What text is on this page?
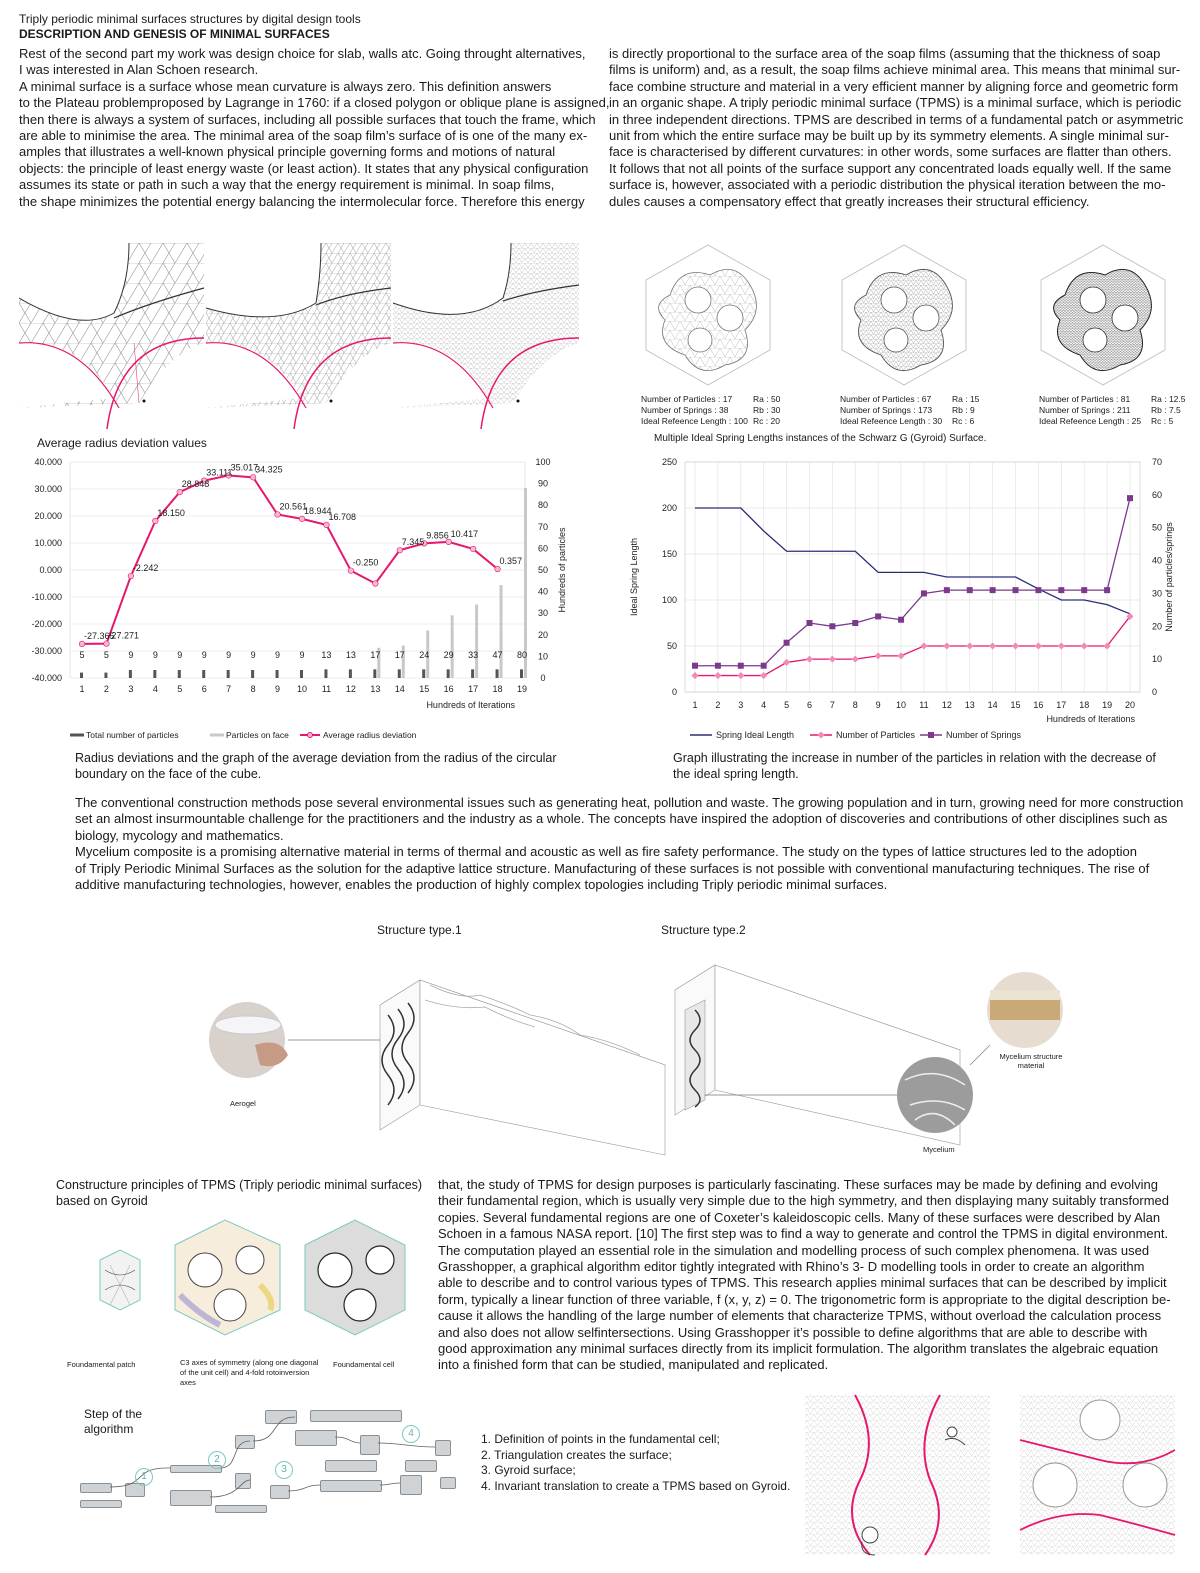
Triply periodic minimal surfaces structures by digital design tools
DESCRIPTION AND GENESIS OF MINIMAL SURFACES
Rest of the second part my work was design choice for slab, walls atc. Going throught alternatives,
I was interested in Alan Schoen research.
A minimal surface is a surface whose mean curvature is always zero. This definition answers
to the Plateau problemproposed by Lagrange in 1760: if a closed polygon or oblique plane is assigned,
then there is always a system of surfaces, including all possible surfaces that touch the frame, which
are able to minimise the area. The minimal area of the soap film’s surface of is one of the many ex-
amples that illustrates a well-known physical principle governing forms and motions of natural
objects: the principle of least energy waste (or least action). It states that any physical configuration
assumes its state or path in such a way that the energy requirement is minimal. In soap films,
the shape minimizes the potential energy balancing the intermolecular force. Therefore this energy
is directly proportional to the surface area of the soap films (assuming that the thickness of soap
films is uniform) and, as a result, the soap films achieve minimal area. This means that minimal sur-
face combine structure and material in a very efficient manner by aligning force and geometric form
in an organic shape. A triply periodic minimal surface (TPMS) is a minimal surface, which is periodic
in three independent directions. TPMS are described in terms of a fundamental patch or asymmetric
unit from which the entire surface may be built up by its symmetry elements. A single minimal sur-
face is characterised by different curvatures: in other words, some surfaces are flatter than others.
It follows that not all points of the surface support any concentrated loads equally well. If the same
surface is, however, associated with a periodic distribution the physical iteration between the mo-
dules causes a compensatory effect that greatly increases their structural efficiency.
Number of Particles : 17
Number of Springs : 38
Ideal Refeence Length : 100
Ra : 50
Rb : 30
Rc : 20
Number of Particles : 67
Number of Springs : 173
Ideal Refeence Length : 30
Ra : 15
Rb : 9
Rc : 6
Number of Particles : 81
Number of Springs : 211
Ideal Refeence Length : 25
Ra : 12.5
Rb : 7.5
Rc : 5
Multiple Ideal Spring Lengths instances of the Schwarz G (Gyroid) Surface.
Average radius deviation values
40.000
30.000
20.000
10.000
0.000
-10.000
-20.000
-30.000
-40.000
100
90
80
70
60
50
40
30
20
10
0
5
1
5
2
9
3
9
4
9
5
9
6
9
7
9
8
9
9
9
10
13
11
13
12
17
13
17
14
24
15
29
16
33
17
47
18
80
19
-27.365
-27.271
-2.242
18.150
28.848
33.111
35.017
34.325
20.561
18.944
16.708
-0.250
7.345
9.856 10.417
0.357
Hundreds of Iterations
Hundreds of particles
Total number of particles	Particles on face	Average radius deviation
1 2 3 4 5 6 7 8 9 10 11 12 13 14 15 16 17 18 19 20
250
200
150
100
50
0
70
60
50
40
30
20
10
0
Hundreds of Iterations
Ideal Spring Length	Number of particles/springs
Spring Ideal Length	Number of Particles	Number of Springs
Radius deviations and the graph of the average deviation from the radius of the circular boundary on the face of the cube.
Graph illustrating the increase in number of the particles in relation with the decrease of the ideal spring length.
The conventional construction methods pose several environmental issues such as generating heat, pollution and waste. The growing population and in turn, growing need for more construction
set an almost insurmountable challenge for the practitioners and the industry as a whole. The concepts have inspired the adoption of discoveries and contributions of other disciplines such as
biology, mycology and mathematics.
Mycelium composite is a promising alternative material in terms of thermal and acoustic as well as fire safety performance. The study on the types of lattice structures led to the adoption
of Triply Periodic Minimal Surfaces as the solution for the adaptive lattice structure. Manufacturing of these surfaces is not possible with conventional manufacturing techniques. The rise of
additive manufacturing technologies, however, enables the production of highly complex topologies including Triply periodic minimal surfaces.
Structure type.1	Structure type.2
Aerogel
Mycelium
Mycelium structure material
Constructure principles of TPMS (Triply periodic minimal surfaces) based on Gyroid
Foundamental patch	C3 axes of symmetry (along one diagonal of the unit cell) and 4-fold rotoinversion axes
Foundamental cell
that, the study of TPMS for design purposes is particularly fascinating. These surfaces may be made by defining and evolving
their fundamental region, which is usually very simple due to the high symmetry, and then displaying many suitably transformed
copies. Several fundamental regions are one of Coxeter’s kaleidoscopic cells. Many of these surfaces were described by Alan
Schoen in a famous NASA report. [10] The first step was to find a way to generate and control the TPMS in digital environment.
The computation played an essential role in the simulation and modelling process of such complex phenomena. It was used
Grasshopper, a graphical algorithm editor tightly integrated with Rhino’s 3- D modelling tools in order to create an algorithm
able to describe and to control various types of TPMS. This research applies minimal surfaces that can be described by implicit
form, typically a linear function of three variable, f (x, y, z) = 0. The trigonometric form is appropriate to the digital description be-
cause it allows the handling of the large number of elements that characterize TPMS, without overload the calculation process
and also does not allow selfintersections. Using Grasshopper it’s possible to define algorithms that are able to describe with
good approximation any minimal surfaces directly from its implicit formulation. The algorithm translates the algebraic equation
into a finished form that can be studied, manipulated and replicated.
Step of the algorithm
1
2
3
4	1. Definition of points in the fundamental cell;
2. Triangulation creates the surface;
3. Gyroid surface;
4. Invariant translation to create a TPMS based on Gyroid.
